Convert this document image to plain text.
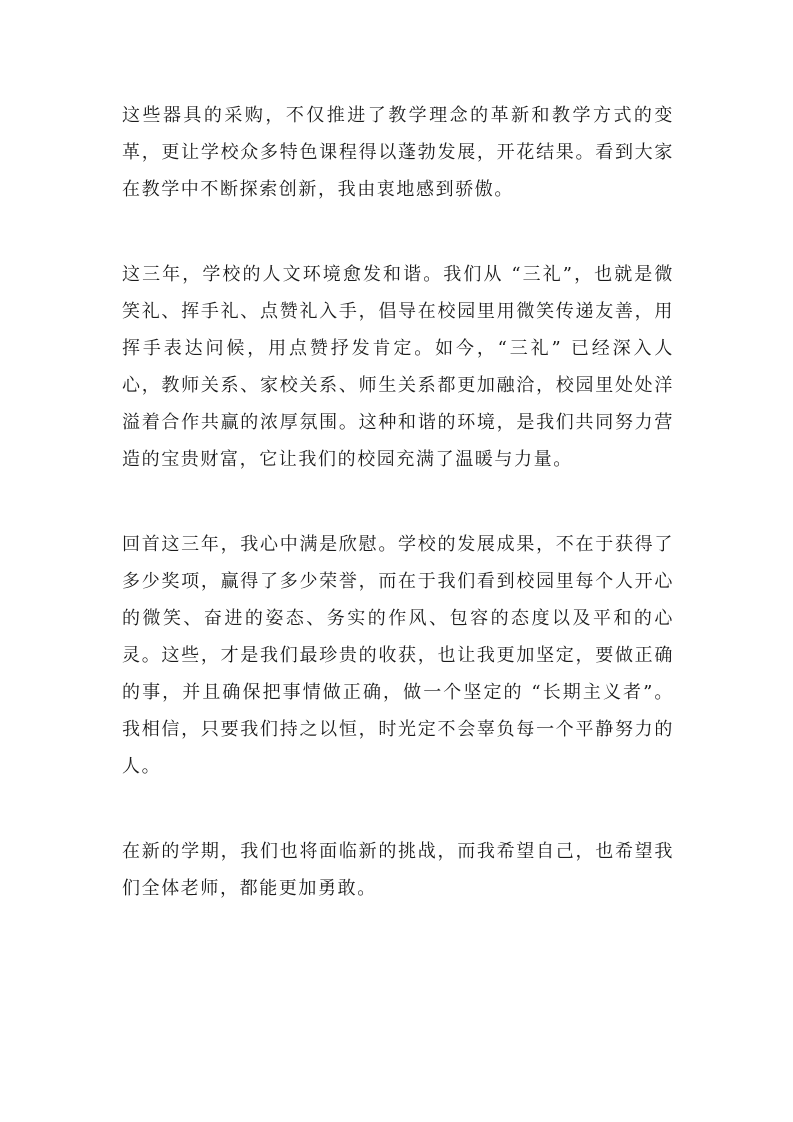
这些器具的采购，不仅推进了教学理念的革新和教学方式的变革，更让学校众多特色课程得以蓬勃发展，开花结果。看到大家在教学中不断探索创新，我由衷地感到骄傲。

这三年，学校的人文环境愈发和谐。我们从 “三礼”，也就是微笑礼、挥手礼、点赞礼入手，倡导在校园里用微笑传递友善，用挥手表达问候，用点赞抒发肯定。如今，“三礼” 已经深入人心，教师关系、家校关系、师生关系都更加融洽，校园里处处洋溢着合作共赢的浓厚氛围。这种和谐的环境，是我们共同努力营造的宝贵财富，它让我们的校园充满了温暖与力量。

回首这三年，我心中满是欣慰。学校的发展成果，不在于获得了多少奖项，赢得了多少荣誉，而在于我们看到校园里每个人开心的微笑、奋进的姿态、务实的作风、包容的态度以及平和的心灵。这些，才是我们最珍贵的收获，也让我更加坚定，要做正确的事，并且确保把事情做正确，做一个坚定的 “长期主义者”。我相信，只要我们持之以恒，时光定不会辜负每一个平静努力的人。

在新的学期，我们也将面临新的挑战，而我希望自己，也希望我们全体老师，都能更加勇敢。
